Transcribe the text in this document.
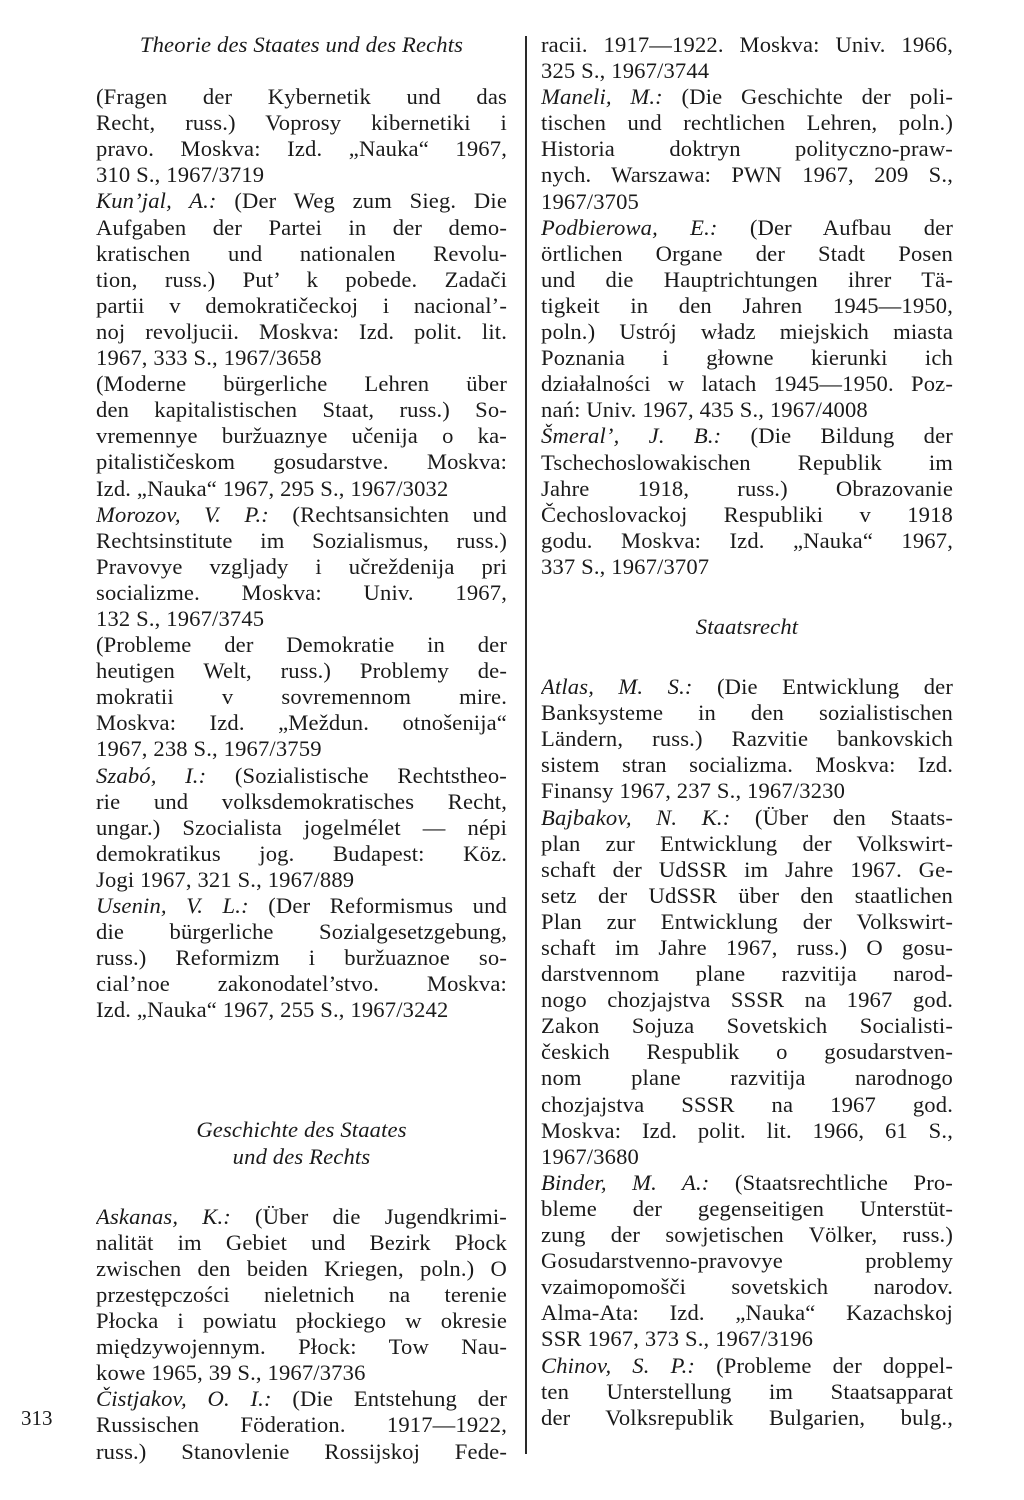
Theorie des Staates und des Rechts
(Fragen der Kybernetik und das
Recht, russ.) Voprosy kibernetiki i
pravo. Moskva: Izd. „Nauka“ 1967,
310 S., 1967/3719
Kun’jal, A.: (Der Weg zum Sieg. Die
Aufgaben der Partei in der demo-
kratischen und nationalen Revolu-
tion, russ.) Put’ k pobede. Zadači
partii v demokratičeckoj i nacional’-
noj revoljucii. Moskva: Izd. polit. lit.
1967, 333 S., 1967/3658
(Moderne bürgerliche Lehren über
den kapitalistischen Staat, russ.) So-
vremennye buržuaznye učenija o ka-
pitalističeskom gosudarstve. Moskva:
Izd. „Nauka“ 1967, 295 S., 1967/3032
Morozov, V. P.: (Rechtsansichten und
Rechtsinstitute im Sozialismus, russ.)
Pravovye vzgljady i učreždenija pri
socializme. Moskva: Univ. 1967,
132 S., 1967/3745
(Probleme der Demokratie in der
heutigen Welt, russ.) Problemy de-
mokratii v sovremennom mire.
Moskva: Izd. „Meždun. otnošenija“
1967, 238 S., 1967/3759
Szabó, I.: (Sozialistische Rechtstheo-
rie und volksdemokratisches Recht,
ungar.) Szocialista jogelmélet — népi
demokratikus jog. Budapest: Köz.
Jogi 1967, 321 S., 1967/889
Usenin, V. L.: (Der Reformismus und
die bürgerliche Sozialgesetzgebung,
russ.) Reformizm i buržuaznoe so-
cial’noe zakonodatel’stvo. Moskva:
Izd. „Nauka“ 1967, 255 S., 1967/3242
Geschichte des Staates
und des Rechts
Askanas, K.: (Über die Jugendkrimi-
nalität im Gebiet und Bezirk Płock
zwischen den beiden Kriegen, poln.) O
przestępczości nieletnich na terenie
Płocka i powiatu płockiego w okresie
międzywojennym. Płock: Tow Nau-
kowe 1965, 39 S., 1967/3736
Čistjakov, O. I.: (Die Entstehung der
Russischen Föderation. 1917—1922,
russ.) Stanovlenie Rossijskoj Fede-
racii. 1917—1922. Moskva: Univ. 1966,
325 S., 1967/3744
Maneli, M.: (Die Geschichte der poli-
tischen und rechtlichen Lehren, poln.)
Historia doktryn polityczno-praw-
nych. Warszawa: PWN 1967, 209 S.,
1967/3705
Podbierowa, E.: (Der Aufbau der
örtlichen Organe der Stadt Posen
und die Hauptrichtungen ihrer Tä-
tigkeit in den Jahren 1945—1950,
poln.) Ustrój władz miejskich miasta
Poznania i głowne kierunki ich
działalności w latach 1945—1950. Poz-
nań: Univ. 1967, 435 S., 1967/4008
Šmeral’, J. B.: (Die Bildung der
Tschechoslowakischen Republik im
Jahre 1918, russ.) Obrazovanie
Čechoslovackoj Respubliki v 1918
godu. Moskva: Izd. „Nauka“ 1967,
337 S., 1967/3707
Staatsrecht
Atlas, M. S.: (Die Entwicklung der
Banksysteme in den sozialistischen
Ländern, russ.) Razvitie bankovskich
sistem stran socializma. Moskva: Izd.
Finansy 1967, 237 S., 1967/3230
Bajbakov, N. K.: (Über den Staats-
plan zur Entwicklung der Volkswirt-
schaft der UdSSR im Jahre 1967. Ge-
setz der UdSSR über den staatlichen
Plan zur Entwicklung der Volkswirt-
schaft im Jahre 1967, russ.) O gosu-
darstvennom plane razvitija narod-
nogo chozjajstva SSSR na 1967 god.
Zakon Sojuza Sovetskich Socialisti-
českich Respublik o gosudarstven-
nom plane razvitija narodnogo
chozjajstva SSSR na 1967 god.
Moskva: Izd. polit. lit. 1966, 61 S.,
1967/3680
Binder, M. A.: (Staatsrechtliche Pro-
bleme der gegenseitigen Unterstüt-
zung der sowjetischen Völker, russ.)
Gosudarstvenno-pravovye problemy
vzaimopomošči sovetskich narodov.
Alma-Ata: Izd. „Nauka“ Kazachskoj
SSR 1967, 373 S., 1967/3196
Chinov, S. P.: (Probleme der doppel-
ten Unterstellung im Staatsapparat
der Volksrepublik Bulgarien, bulg.,
313
